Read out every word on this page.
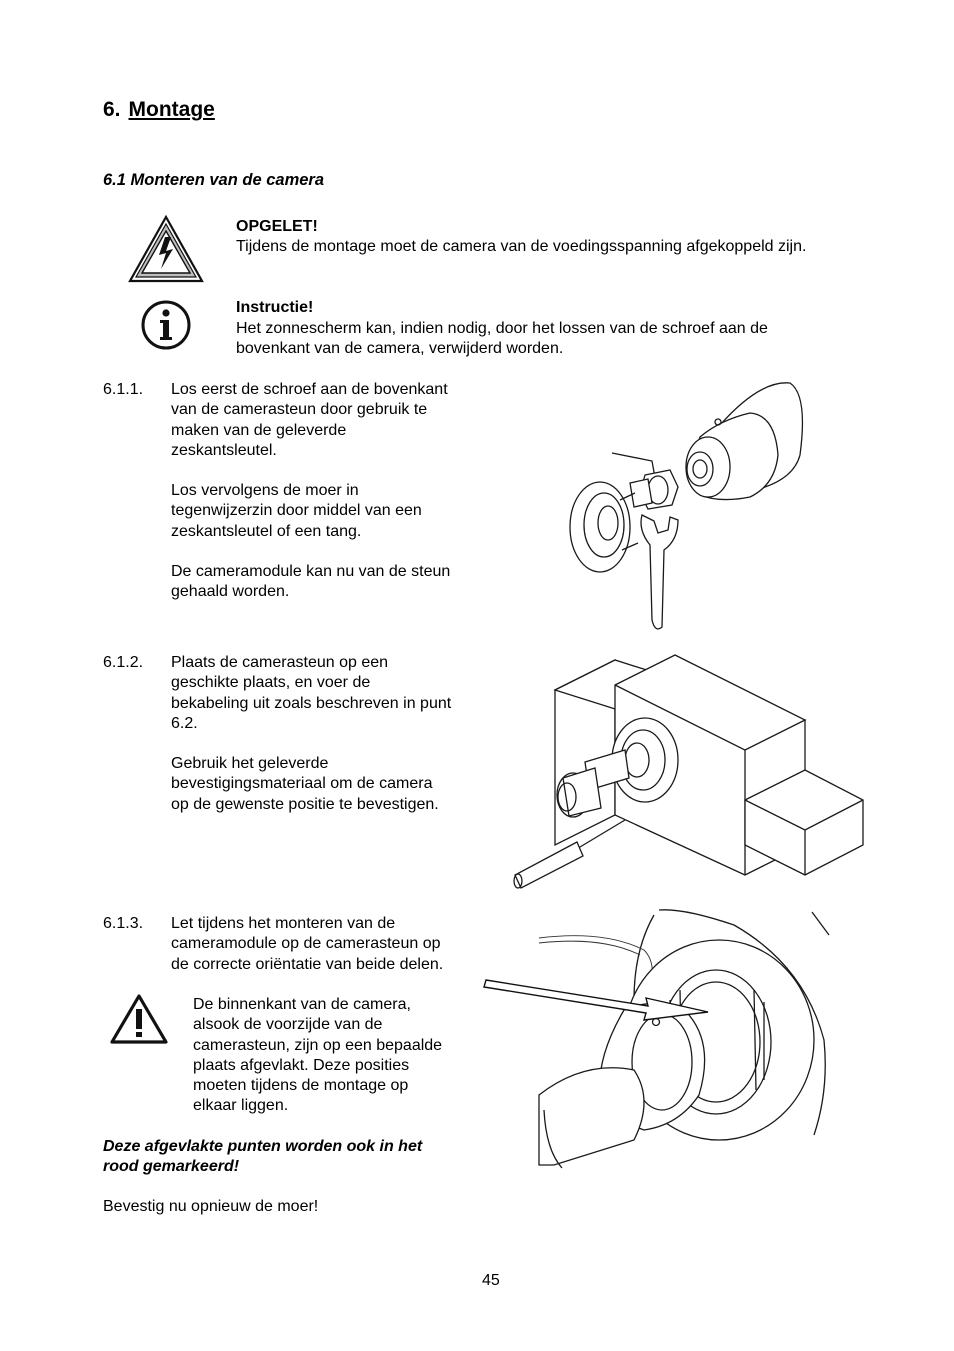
6. Montage
6.1 Monteren van de camera
OPGELET!
Tijdens de montage moet de camera van de voedingsspanning afgekoppeld zijn.
Instructie!
Het zonnescherm kan, indien nodig, door het lossen van de schroef aan de
bovenkant van de camera, verwijderd worden.
6.1.1. Los eerst de schroef aan de bovenkant
van de camerasteun door gebruik te
maken van de geleverde
zeskantsleutel.
Los vervolgens de moer in
tegenwijzerzin door middel van een
zeskantsleutel of een tang.
De cameramodule kan nu van de steun
gehaald worden.
6.1.2. Plaats de camerasteun op een
geschikte plaats, en voer de
bekabeling uit zoals beschreven in punt
6.2.
Gebruik het geleverde
bevestigingsmateriaal om de camera
op de gewenste positie te bevestigen.
6.1.3. Let tijdens het monteren van de
cameramodule op de camerasteun op
de correcte oriëntatie van beide delen.
De binnenkant van de camera,
alsook de voorzijde van de
camerasteun, zijn op een bepaalde
plaats afgevlakt. Deze posities
moeten tijdens de montage op
elkaar liggen.
Deze afgevlakte punten worden ook in het
rood gemarkeerd!
Bevestig nu opnieuw de moer!
45
